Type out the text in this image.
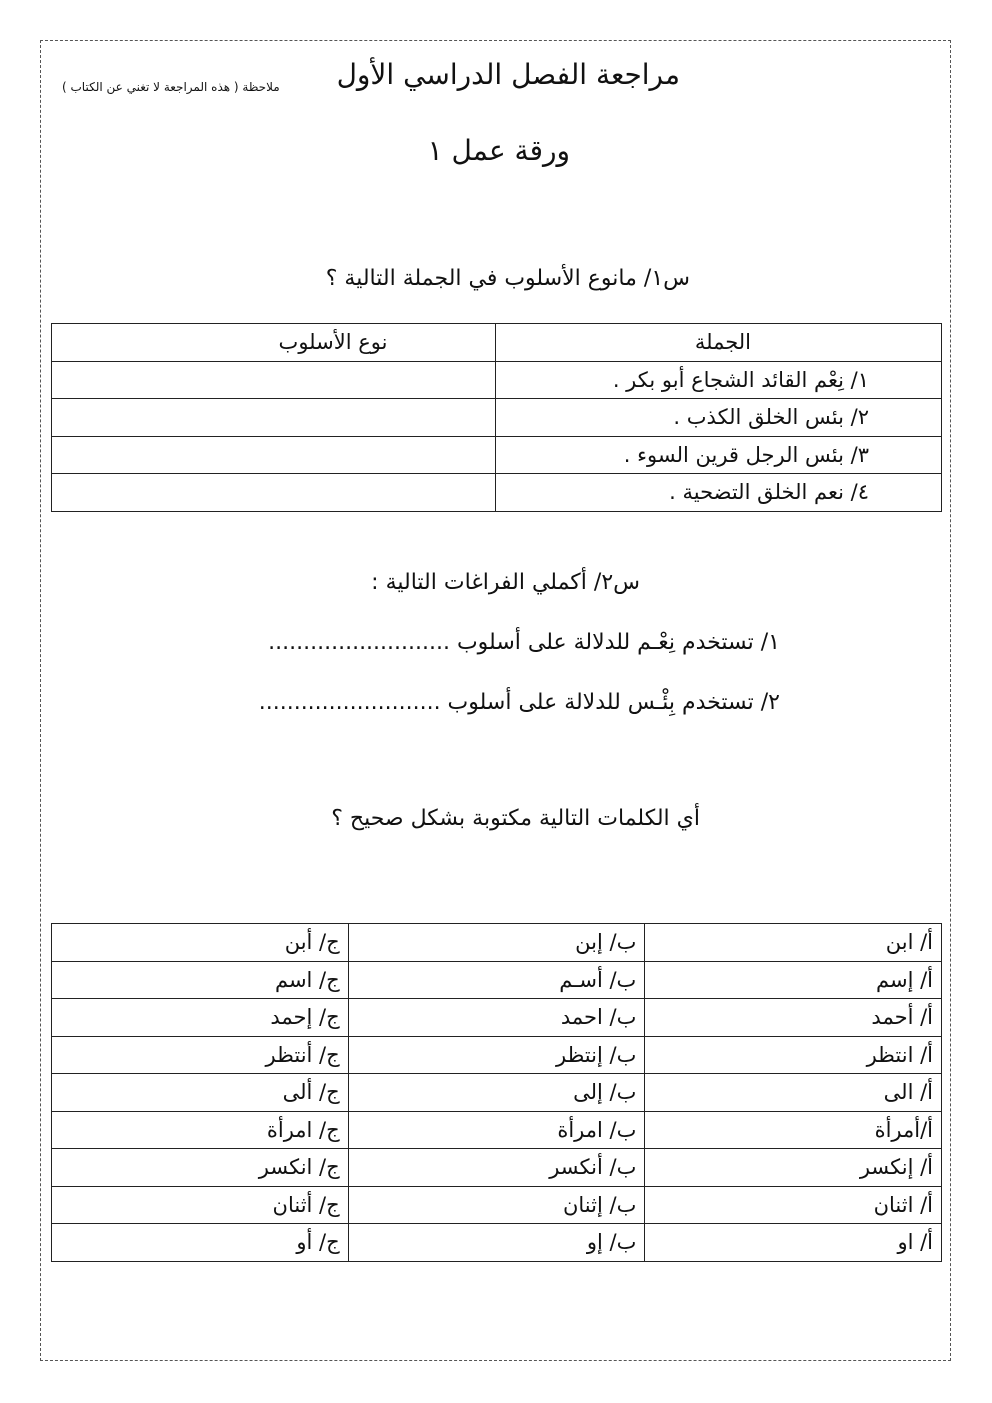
مراجعة الفصل الدراسي الأول
ملاحظة ( هذه المراجعة لا تغني عن الكتاب )
ورقة عمل ١
س١/ مانوع الأسلوب في الجملة التالية ؟
الجملة	نوع الأسلوب
١/ نِعْم القائد الشجاع أبو بكر .	
٢/ بئس الخلق الكذب .	
٣/ بئس الرجل قرين السوء .	
٤/ نعم الخلق التضحية .	
س٢/ أكملي الفراغات التالية :
١/ تستخدم نِعْـم للدلالة على أسلوب ..........................
٢/ تستخدم بِئْـس للدلالة على أسلوب ..........................
أي الكلمات التالية مكتوبة بشكل صحيح ؟
أ/ ابن	ب/ إبن	ج/ أبن
أ/ إسم	ب/ أسـم	ج/ اسم
أ/ أحمد	ب/ احمد	ج/ إحمد
أ/ انتظر	ب/ إنتظر	ج/ أنتظر
أ/ الى	ب/ إلى	ج/ ألى
أ/أمرأة	ب/ امرأة	ج/ امرأة
أ/ إنكسر	ب/ أنكسر	ج/ انكسر
أ/ اثنان	ب/ إثنان	ج/ أثنان
أ/ او	ب/ إو	ج/ أو
